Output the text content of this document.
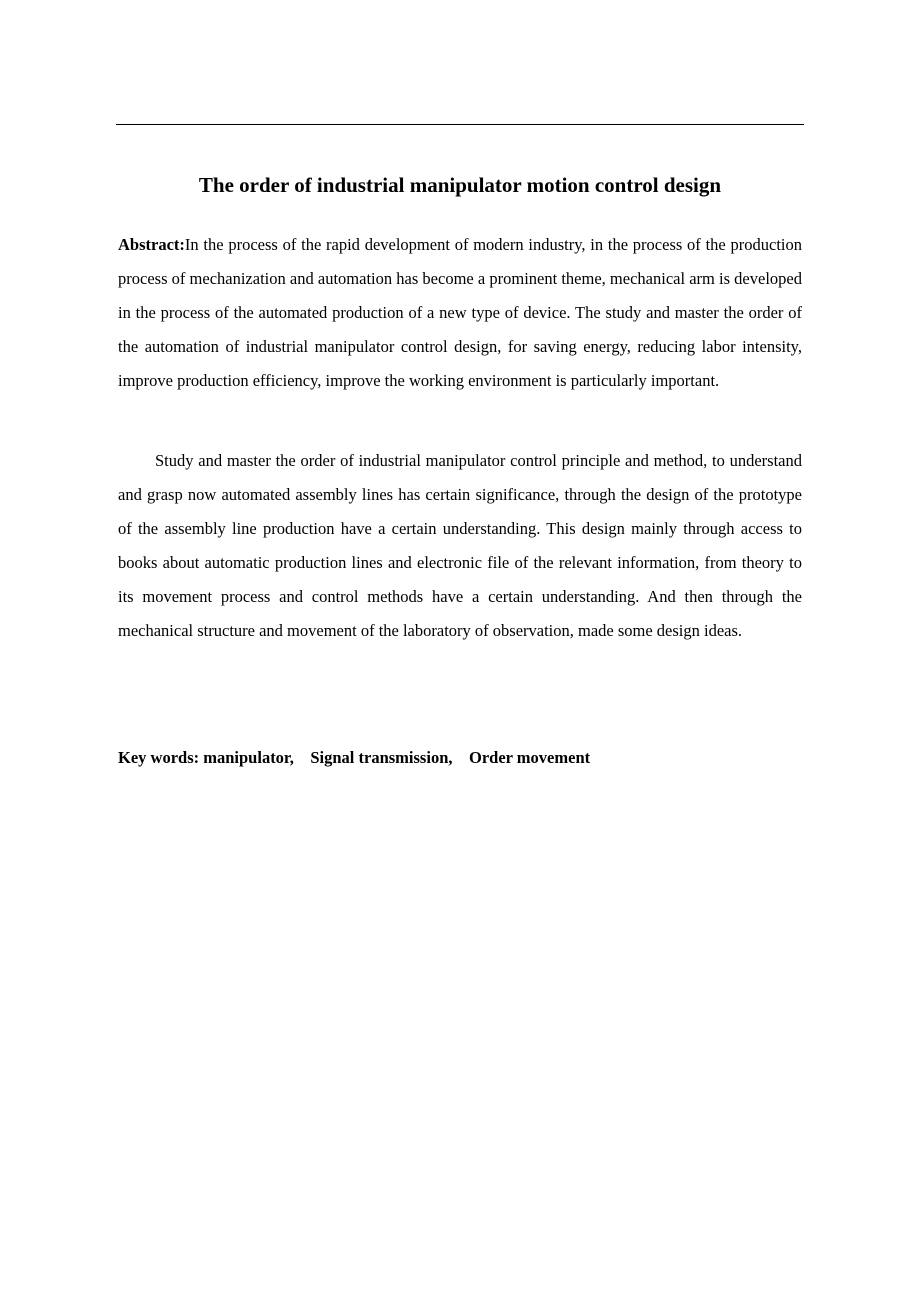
The order of industrial manipulator motion control design

Abstract:In the process of the rapid development of modern industry, in the process of the production process of mechanization and automation has become a prominent theme, mechanical arm is developed in the process of the automated production of a new type of device. The study and master the order of the automation of industrial manipulator control design, for saving energy, reducing labor intensity, improve production efficiency, improve the working environment is particularly important.

Study and master the order of industrial manipulator control principle and method, to understand and grasp now automated assembly lines has certain significance, through the design of the prototype of the assembly line production have a certain understanding. This design mainly through access to books about automatic production lines and electronic file of the relevant information, from theory to its movement process and control methods have a certain understanding. And then through the mechanical structure and movement of the laboratory of observation, made some design ideas.

Key words: manipulator, Signal transmission, Order movement
